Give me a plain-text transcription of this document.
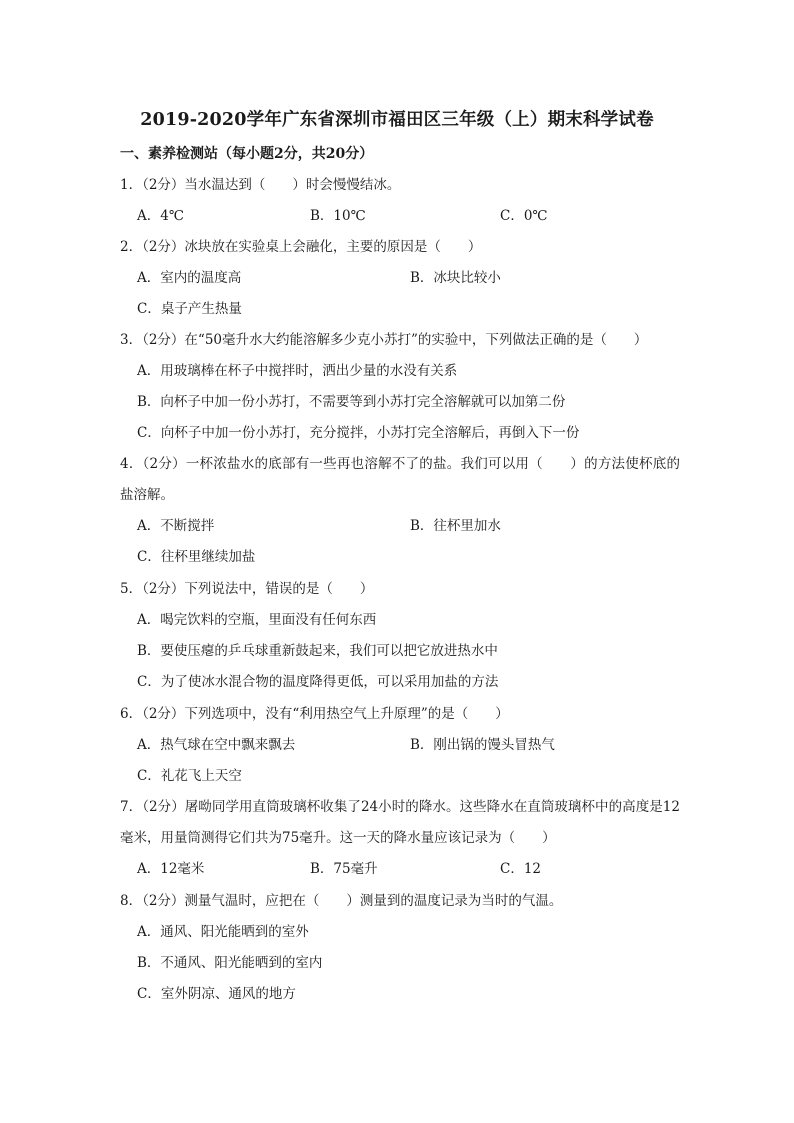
2019-2020学年广东省深圳市福田区三年级（上）期末科学试卷
一、素养检测站（每小题2分，共20分）
1．（2分）当水温达到（　　）时会慢慢结冰。
A．4℃	B．10℃	C．0℃
2．（2分）冰块放在实验桌上会融化，主要的原因是（　　）
A．室内的温度高	B．冰块比较小
C．桌子产生热量
3．（2分）在“50毫升水大约能溶解多少克小苏打”的实验中，下列做法正确的是（　　）
A．用玻璃棒在杯子中搅拌时，洒出少量的水没有关系
B．向杯子中加一份小苏打，不需要等到小苏打完全溶解就可以加第二份
C．向杯子中加一份小苏打，充分搅拌，小苏打完全溶解后，再倒入下一份
4．（2分）一杯浓盐水的底部有一些再也溶解不了的盐。我们可以用（　　）的方法使杯底的盐溶解。
A．不断搅拌	B．往杯里加水
C．往杯里继续加盐
5．（2分）下列说法中，错误的是（　　）
A．喝完饮料的空瓶，里面没有任何东西
B．要使压瘪的乒乓球重新鼓起来，我们可以把它放进热水中
C．为了使冰水混合物的温度降得更低，可以采用加盐的方法
6．（2分）下列选项中，没有“利用热空气上升原理”的是（　　）
A．热气球在空中飘来飘去	B．刚出锅的馒头冒热气
C．礼花飞上天空
7．（2分）屠呦同学用直筒玻璃杯收集了24小时的降水。这些降水在直筒玻璃杯中的高度是12毫米，用量筒测得它们共为75毫升。这一天的降水量应该记录为（　　）
A．12毫米	B．75毫升	C．12
8．（2分）测量气温时，应把在（　　）测量到的温度记录为当时的气温。
A．通风、阳光能晒到的室外
B．不通风、阳光能晒到的室内
C．室外阴凉、通风的地方
